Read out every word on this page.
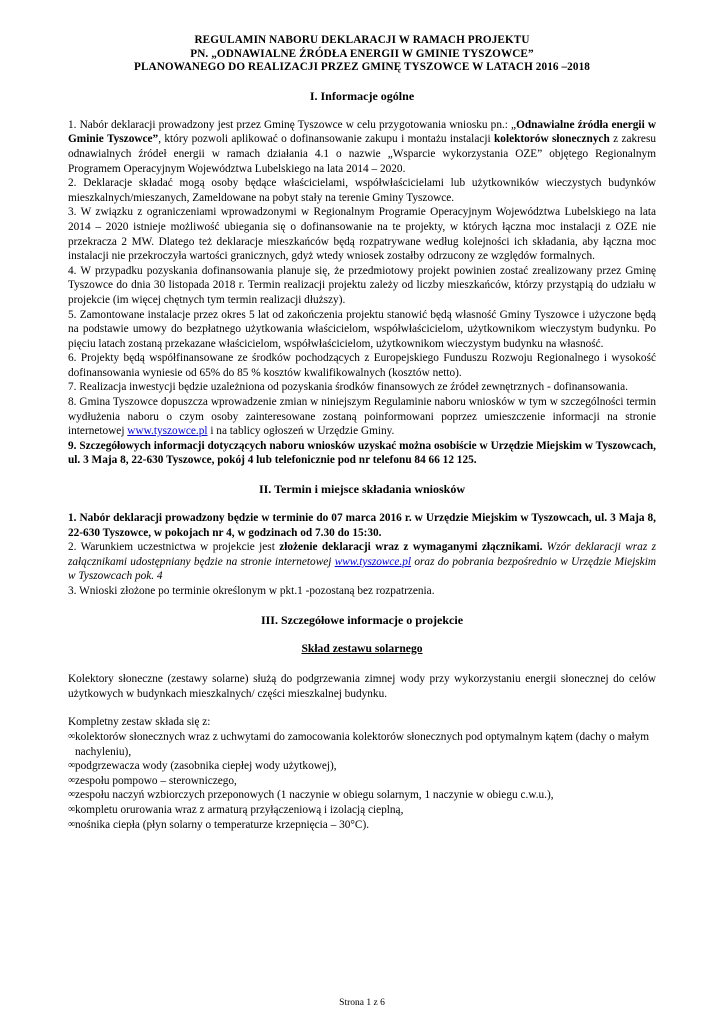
REGULAMIN NABORU DEKLARACJI W RAMACH PROJEKTU
PN. „ODNAWIALNE ŹRÓDŁA ENERGII W GMINIE TYSZOWCE”
PLANOWANEGO DO REALIZACJI PRZEZ GMINĘ TYSZOWCE W LATACH 2016 –2018
I. Informacje ogólne

1. Nabór deklaracji prowadzony jest przez Gminę Tyszowce w celu przygotowania wniosku pn.: „Odnawialne źródła energii w Gminie Tyszowce”, który pozwoli aplikować o dofinansowanie zakupu i montażu instalacji kolektorów słonecznych z zakresu odnawialnych źródeł energii w ramach działania 4.1 o nazwie „Wsparcie wykorzystania OZE” objętego Regionalnym Programem Operacyjnym Województwa Lubelskiego na lata 2014 – 2020.

2. Deklaracje składać mogą osoby będące właścicielami, współwłaścicielami lub użytkowników wieczystych budynków mieszkalnych/mieszanych, Zameldowane na pobyt stały na terenie Gminy Tyszowce.

3. W związku z ograniczeniami wprowadzonymi w Regionalnym Programie Operacyjnym Województwa Lubelskiego na lata 2014 – 2020 istnieje możliwość ubiegania się o dofinansowanie na te projekty, w których łączna moc instalacji z OZE nie przekracza 2 MW. Dlatego też deklaracje mieszkańców będą rozpatrywane według kolejności ich składania, aby łączna moc instalacji nie przekroczyła wartości granicznych, gdyż wtedy wniosek zostałby odrzucony ze względów formalnych.

4. W przypadku pozyskania dofinansowania planuje się, że przedmiotowy projekt powinien zostać zrealizowany przez Gminę Tyszowce do dnia 30 listopada 2018 r. Termin realizacji projektu zależy od liczby mieszkańców, którzy przystąpią do udziału w projekcie (im więcej chętnych tym termin realizacji dłuższy).

5. Zamontowane instalacje przez okres 5 lat od zakończenia projektu stanowić będą własność Gminy Tyszowce i użyczone będą na podstawie umowy do bezpłatnego użytkowania właścicielom, współwłaścicielom, użytkownikom wieczystym budynku. Po pięciu latach zostaną przekazane właścicielom, współwłaścicielom, użytkownikom wieczystym budynku na własność.

6. Projekty będą współfinansowane ze środków pochodzących z Europejskiego Funduszu Rozwoju Regionalnego i wysokość dofinansowania wyniesie od 65% do 85 % kosztów kwalifikowalnych (kosztów netto).

7. Realizacja inwestycji będzie uzależniona od pozyskania środków finansowych ze źródeł zewnętrznych - dofinansowania.

8. Gmina Tyszowce dopuszcza wprowadzenie zmian w niniejszym Regulaminie naboru wniosków w tym w szczególności termin wydłużenia naboru o czym osoby zainteresowane zostaną poinformowani poprzez umieszczenie informacji na stronie internetowej www.tyszowce.pl i na tablicy ogłoszeń w Urzędzie Gminy.

9. Szczegółowych informacji dotyczących naboru wniosków uzyskać można osobiście w Urzędzie Miejskim w Tyszowcach, ul. 3 Maja 8, 22-630 Tyszowce, pokój 4 lub telefonicznie pod nr telefonu 84 66 12 125.

II. Termin i miejsce składania wniosków

1. Nabór deklaracji prowadzony będzie w terminie do 07 marca 2016 r. w Urzędzie Miejskim w Tyszowcach, ul. 3 Maja 8, 22-630 Tyszowce, w pokojach nr 4, w godzinach od 7.30 do 15:30.

2. Warunkiem uczestnictwa w projekcie jest złożenie deklaracji wraz z wymaganymi złącznikami. Wzór deklaracji wraz z załącznikami udostępniany będzie na stronie internetowej www.tyszowce.pl oraz do pobrania bezpośrednio w Urzędzie Miejskim w Tyszowcach pok. 4

3. Wnioski złożone po terminie określonym w pkt.1 -pozostaną bez rozpatrzenia.

III. Szczegółowe informacje o projekcie
Skład zestawu solarnego

Kolektory słoneczne (zestawy solarne) służą do podgrzewania zimnej wody przy wykorzystaniu energii słonecznej do celów użytkowych w budynkach mieszkalnych/ części mieszkalnej budynku.

Kompletny zestaw składa się z:

∞ kolektorów słonecznych wraz z uchwytami do zamocowania kolektorów słonecznych pod optymalnym kątem (dachy o małym nachyleniu),
∞ podgrzewacza wody (zasobnika ciepłej wody użytkowej),
∞ zespołu pompowo – sterowniczego,
∞ zespołu naczyń wzbiorczych przeponowych (1 naczynie w obiegu solarnym, 1 naczynie w obiegu c.w.u.),
∞ kompletu orurowania wraz z armaturą przyłączeniową i izolacją cieplną,
∞ nośnika ciepła (płyn solarny o temperaturze krzepnięcia – 30°C).
Strona 1 z 6
